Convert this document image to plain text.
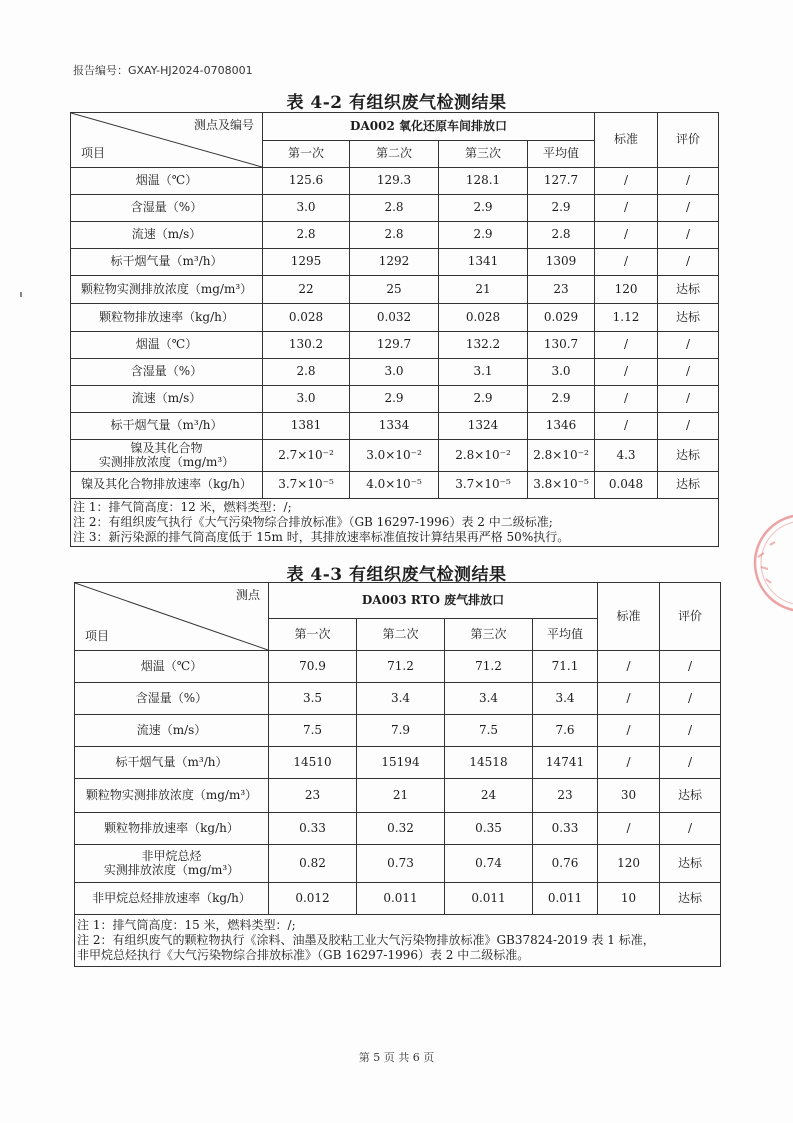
报告编号：GXAY-HJ2024-0708001
表 4-2 有组织废气检测结果
测点及编号
项目	DA002 氧化还原车间排放口				标准	评价
	第一次	第二次	第三次	平均值		
烟温（℃）	125.6	129.3	128.1	127.7	/	/
含湿量（%）	3.0	2.8	2.9	2.9	/	/
流速（m/s）	2.8	2.8	2.9	2.8	/	/
标干烟气量（m³/h）	1295	1292	1341	1309	/	/
颗粒物实测排放浓度（mg/m³）	22	25	21	23	120	达标
颗粒物排放速率（kg/h）	0.028	0.032	0.028	0.029	1.12	达标
烟温（℃）	130.2	129.7	132.2	130.7	/	/
含湿量（%）	2.8	3.0	3.1	3.0	/	/
流速（m/s）	3.0	2.9	2.9	2.9	/	/
标干烟气量（m³/h）	1381	1334	1324	1346	/	/
镍及其化合物
实测排放浓度（mg/m³）	2.7×10⁻²	3.0×10⁻²	2.8×10⁻²	2.8×10⁻²	4.3	达标
镍及其化合物排放速率（kg/h）	3.7×10⁻⁵	4.0×10⁻⁵	3.7×10⁻⁵	3.8×10⁻⁵	0.048	达标

注 1：排气筒高度：12 米，燃料类型：/;
注 2：有组织废气执行《大气污染物综合排放标准》（GB 16297-1996）表 2 中二级标准;
注 3：新污染源的排气筒高度低于 15m 时，其排放速率标准值按计算结果再严格 50%执行。						
表 4-3 有组织废气检测结果
测点
项目	DA003 RTO 废气排放口				标准	评价
	第一次	第二次	第三次	平均值		
烟温（℃）	70.9	71.2	71.2	71.1	/	/
含湿量（%）	3.5	3.4	3.4	3.4	/	/
流速（m/s）	7.5	7.9	7.5	7.6	/	/
标干烟气量（m³/h）	14510	15194	14518	14741	/	/
颗粒物实测排放浓度（mg/m³）	23	21	24	23	30	达标
颗粒物排放速率（kg/h）	0.33	0.32	0.35	0.33	/	/
非甲烷总烃
实测排放浓度（mg/m³）	0.82	0.73	0.74	0.76	120	达标
非甲烷总烃排放速率（kg/h）	0.012	0.011	0.011	0.011	10	达标

注 1：排气筒高度：15 米，燃料类型：/;
注 2：有组织废气的颗粒物执行《涂料、油墨及胶粘工业大气污染物排放标准》GB37824-2019 表 1 标准，
非甲烷总烃执行《大气污染物综合排放标准》（GB 16297-1996）表 2 中二级标准。						
第 5 页 共 6 页
